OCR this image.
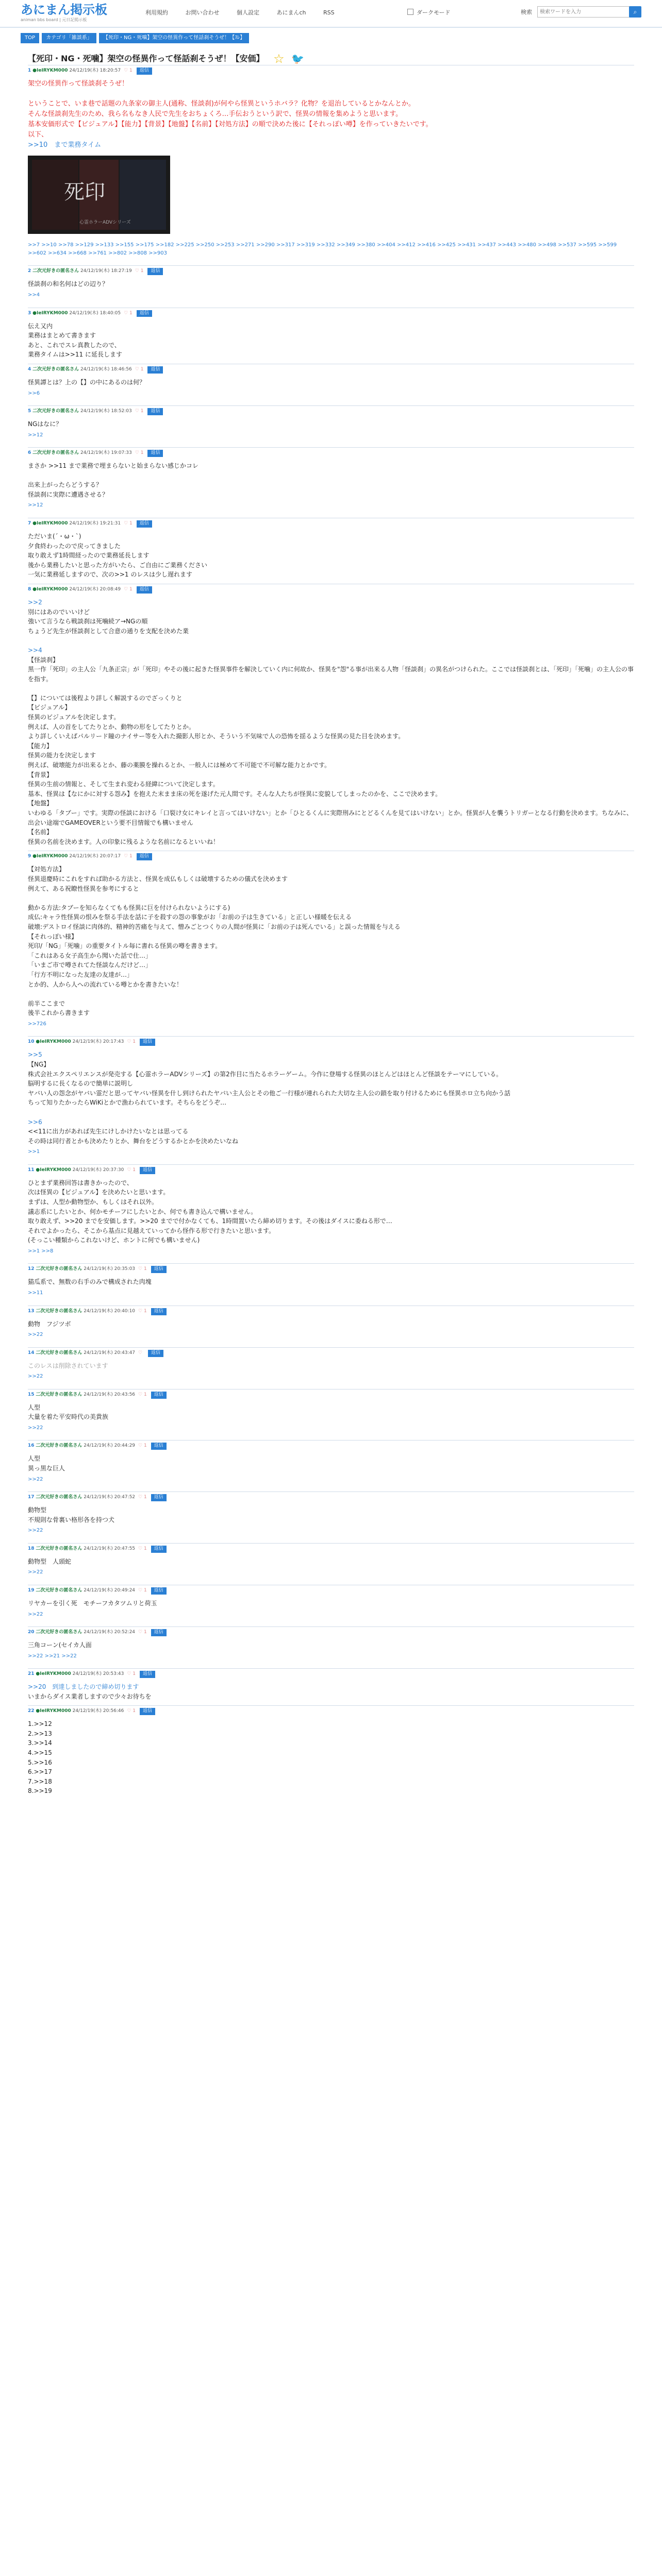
あにまん掲示板
animan bbs board | 元日記掲示板
利用規約	お問い合わせ	個人設定	あにまんch	RSS	ダークモード	検索
検索ワードを入力	⌕
TOP カテゴリ「雑談系」 【死印・NG・死噛】架空の怪異作って怪話刹そうぜ！【ｽﾚ】
【死印・NG・死噛】架空の怪異作って怪話刹そうぜ！【安価】 ☆ 🐦
1 ●IeIRYKM000 24/12/19(木) 18:20:57 ♡ 1 返信

架空の怪異作って怪談刹そうぜ！

ということで、いま巷で話題の九条家の御主人(通称、怪談刹)が何やら怪異というホバラ？化物？を退治しているとかなんとか。

そんな怪談刹先生のため、我ら名もなき人民で先生をおちょくろ…手伝おうという訳で、怪異の情報を集めようと思います。

基本安価形式で【ビジュアル】【能力】【背景】【地盤】【名前】【対処方法】の順で決めた後に【それっぽい噂】を作っていきたいです。

以下、

>>10　まで業務タイム

死印
心霊ホラーADVシリーズ
>>7 >>10 >>78 >>129 >>133 >>155 >>175 >>182 >>225 >>250 >>253 >>271 >>290 >>317 >>319 >>332 >>349 >>380 >>404 >>412 >>416 >>425 >>431 >>437 >>443 >>480 >>498 >>537 >>595 >>599 >>602 >>634 >>668 >>761 >>802 >>808 >>903
2 二次元好きの匿名さん 24/12/19(木) 18:27:19 ♡ 1 返信

怪談刹の和名何はどの辺り？

>>4
3 ●IeIRYKM000 24/12/19(木) 18:40:05 ♡ 1 返信

伝え又内

業務はまとめて書きます

あと、これでスレ真教したので、

業務タイムは>>11 に延長します

4 二次元好きの匿名さん 24/12/19(木) 18:46:56 ♡ 1 返信

怪異譚とは？上の【】の中にあるのは何？

>>6
5 二次元好きの匿名さん 24/12/19(木) 18:52:03 ♡ 1 返信

NGはなに？

>>12
6 二次元好きの匿名さん 24/12/19(木) 19:07:33 ♡ 1 返信

まさか >>11 まで業務で埋まらないと始まらない感じかコレ

出来上がったらどうする？

怪談刹に実際に遭遇させる？

>>12
7 ●IeIRYKM000 24/12/19(木) 19:21:31 ♡ 1 返信

ただいま(´・ω・`)

夕食終わったので戻ってきました

取り敢えず1時間経ったので業務延長します

後から業務したいと思った方がいたら、ご自由にご業務ください

一気に業務延しますので、次の>>1 のレスは少し遅れます

8 ●IeIRYKM000 24/12/19(木) 20:08:49 ♡ 1 返信

>>2

別にはあのでいいけど

強いて言うなら戦談刹は死噛続ア→NGの順

ちょうど先生が怪談刹として合意の通りを支配を決めた業

>>4

【怪談刹】

黒一作「死印」の主人公「九条正宗」が「死印」やその後に起きた怪異事件を解決していく内に何故か、怪異を"怨"る事が出来る人物「怪談刹」の異名がつけられた。ここでは怪談刹とは、「死印」「死噛」の主人公の事を指す。

【】については後程より詳しく解説するのでざっくりと

【ビジュアル】

怪異のビジュアルを決定します。

例えば、人の首をしてたりとか、動物の形をしてたりとか。

より詳しくいえばパルリード瞳のナイサー等を入れた撮影人形とか、そういう不気味で人の恐怖を揺るような怪異の見た目を決めます。

【能力】

怪異の能力を決定します

例えば、破壊能力が出来るとか、藤の薬膜を操れるとか、一般人には極めて不可能で不可解な能力とかです。

【背景】

怪異の生前の情報と、そして生まれ変わる経緯について決定します。

基本、怪異は【なにかに対する怨み】を抱えた末まま床の死を遂げた元人間です。そんな人たちが怪異に変貌してしまったのかを、ここで決めます。

【地盤】

いわゆる「タブー」です。実際の怪談における「口裂け女にキレイと言ってはいけない」とか「ひとるくんに実際刑みにとどるくんを見てはいけない」とか。怪異が人を襲うトリガーとなる行動を決めます。ちなみに、出会い途端でGAMEOVERという要不目情報でも構いません

【名前】

怪異の名前を決めます。人の印象に残るような名前になるといいね！

9 ●IeIRYKM000 24/12/19(木) 20:07:17 ♡ 1 返信

【対処方法】

怪異退慶時にこれをすれば助かる方法と、怪異を成仏もしくは破壊するための儀式を決めます

例えて、ある祝瞭性怪異を参考にすると

動かる方法:タブーを知らなくてもも怪異に巨を付けられないようにする)

成仏:キャラ性怪異の恨みを祭る手法を話に子を殺すの怨の事象がお「お前の子は生きている」と正しい様暖を伝える

破壊:デストロイ怪談に肉体的、精神的苦痛を与えて、憎みごとつくりの人間が怪異に「お前の子は死んでいる」と誤った情報を与える

【それっぽい様】

死印/「NG」「死噛」の重要タイトル毎に書れる怪異の噂を書きます。

「これはある女子高生から聞いた話で仕…」

「いまご市で噂されてた怪談なんだけど…」

「行方不明になった友達の友達が…」

とか的、人から人への流れている噂とかを書きたいな！

前半ここまで

後半これから書きます

>>726
10 ●IeIRYKM000 24/12/19(木) 20:17:43 ♡ 1 返信

>>5

【NG】

株式会社エクスペリエンスが発売する【心霊ホラーADVシリーズ】の第2作目に当たるホラーゲーム。今作に登場する怪異のほとんどはほとんど怪談をテーマにしている。

脳明するに長くなるので簡単に説明し

ヤバい人の怨念がヤバい霊だと思ってヤバい怪異を什し到けられたヤバい主人公とその他ご一行様が連れられた大切な主人公の鎖を取り付けるためにも怪異ホロ立ち向かう話

ちって知りたかったらWiKiとかで漁わられています。そちらをどうぞ…

>>6

<<11に出力があれば先生にけしかけたいなとは思ってる

その時は同行者とかも決めたりとか、舞台をどうするかとかを決めたいなね

>>1
11 ●IeIRYKM000 24/12/19(木) 20:37:30 ♡ 1 返信

ひとまず業務回答は書きかったので、

次は怪異の【ビジュアル】を決めたいと思います。

まずは、人型か動物型か、もしくはそれ以外。

議志系にしたいとか、何かモチーフにしたいとか、何でも書き込んで構いません。

取り敢えず、>>20 までを安価します。>>20 までで付かなくても、1時間置いたら締め切ります。その後はダイスに委ねる形で…

それでよかったら、そこから基点に見越えていってから怪作る形で行きたいと思います。

(そっこい種類からこれないけど、ホントに何でも構いません)

>>1 >>8
12 二次元好きの匿名さん 24/12/19(木) 20:35:03 ♡ 1 返信

猫瓜系で、無数の右手のみで構成された肉塊

>>11
13 二次元好きの匿名さん 24/12/19(木) 20:40:10 ♡ 1 返信

動物　フジツボ

>>22
14 二次元好きの匿名さん 24/12/19(木) 20:43:47 ♡ 返信

このレスは削除されています

>>22
15 二次元好きの匿名さん 24/12/19(木) 20:43:56 ♡ 1 返信

人型

大量を着た平安時代の美貴族

>>22
16 二次元好きの匿名さん 24/12/19(木) 20:44:29 ♡ 1 返信

人型

異っ黒な巨人

>>22
17 二次元好きの匿名さん 24/12/19(木) 20:47:52 ♡ 1 返信

動物型

不規則な骨裏い格形各を持つ犬

>>22
18 二次元好きの匿名さん 24/12/19(木) 20:47:55 ♡ 1 返信

動物型　人頭蛇

>>22
19 二次元好きの匿名さん 24/12/19(木) 20:49:24 ♡ 1 返信

リヤカーを引く死　モチーフカタツムリと荷玉

>>22
20 二次元好きの匿名さん 24/12/19(木) 20:52:24 ♡ 1 返信

三角コーン(セイカ人面

>>22 >>21 >>22
21 ●IeIRYKM000 24/12/19(木) 20:53:43 ♡ 1 返信

>>20　到達しましたので締め切ります

いまからダイス業者しますので少々お待ちを

22 ●IeIRYKM000 24/12/19(木) 20:56:46 ♡ 1 返信

1.>>12

2.>>13

3.>>14

4.>>15

5.>>16

6.>>17

7.>>18

8.>>19
